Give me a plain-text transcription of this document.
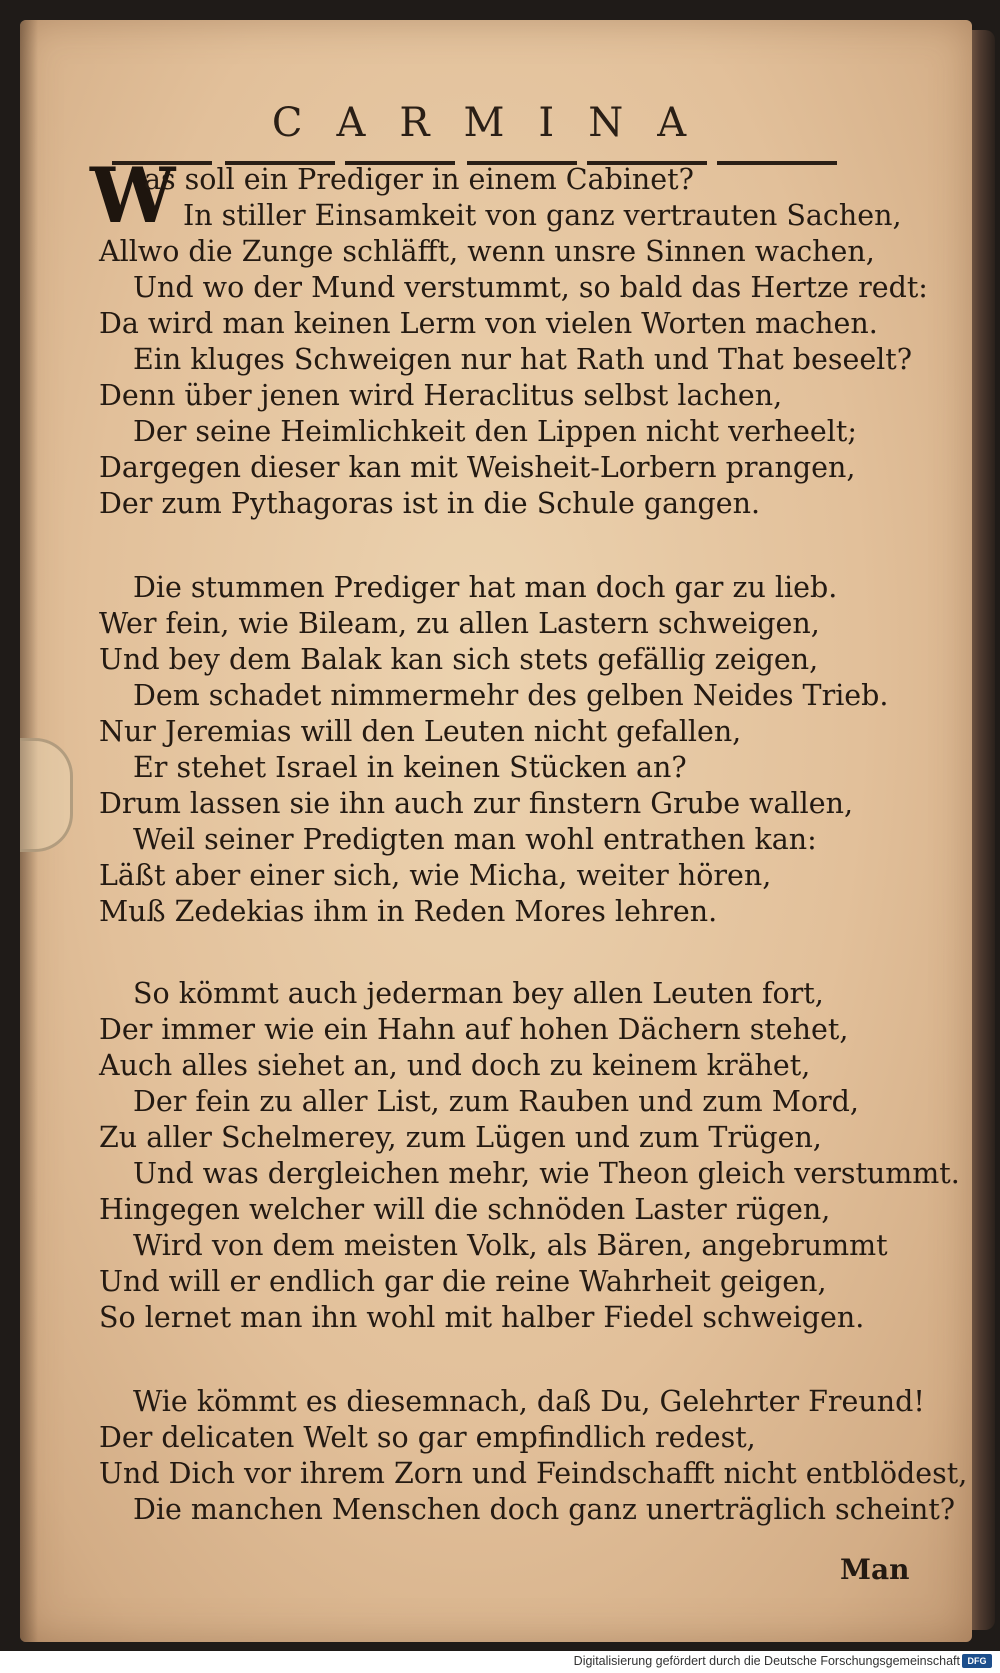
CARMINA
W
as soll ein Prediger in einem Cabinet?
In stiller Einsamkeit von ganz vertrauten Sachen,
Allwo die Zunge schläfft, wenn unsre Sinnen wachen,
Und wo der Mund verstummt, so bald das Hertze redt:
Da wird man keinen Lerm von vielen Worten machen.
Ein kluges Schweigen nur hat Rath und That beseelt?
Denn über jenen wird Heraclitus selbst lachen,
Der seine Heimlichkeit den Lippen nicht verheelt;
Dargegen dieser kan mit Weisheit-Lorbern prangen,
Der zum Pythagoras ist in die Schule gangen.
Die stummen Prediger hat man doch gar zu lieb.
Wer fein, wie Bileam, zu allen Lastern schweigen,
Und bey dem Balak kan sich stets gefällig zeigen,
Dem schadet nimmermehr des gelben Neides Trieb.
Nur Jeremias will den Leuten nicht gefallen,
Er stehet Israel in keinen Stücken an?
Drum lassen sie ihn auch zur finstern Grube wallen,
Weil seiner Predigten man wohl entrathen kan:
Läßt aber einer sich, wie Micha, weiter hören,
Muß Zedekias ihm in Reden Mores lehren.
So kömmt auch jederman bey allen Leuten fort,
Der immer wie ein Hahn auf hohen Dächern stehet,
Auch alles siehet an, und doch zu keinem krähet,
Der fein zu aller List, zum Rauben und zum Mord,
Zu aller Schelmerey, zum Lügen und zum Trügen,
Und was dergleichen mehr, wie Theon gleich verstummt.
Hingegen welcher will die schnöden Laster rügen,
Wird von dem meisten Volk, als Bären, angebrummt
Und will er endlich gar die reine Wahrheit geigen,
So lernet man ihn wohl mit halber Fiedel schweigen.
Wie kömmt es diesemnach, daß Du, Gelehrter Freund!
Der delicaten Welt so gar empfindlich redest,
Und Dich vor ihrem Zorn und Feindschafft nicht entblödest,
Die manchen Menschen doch ganz unerträglich scheint?
Man
Digitalisierung gefördert durch die Deutsche Forschungsgemeinschaft DFG
